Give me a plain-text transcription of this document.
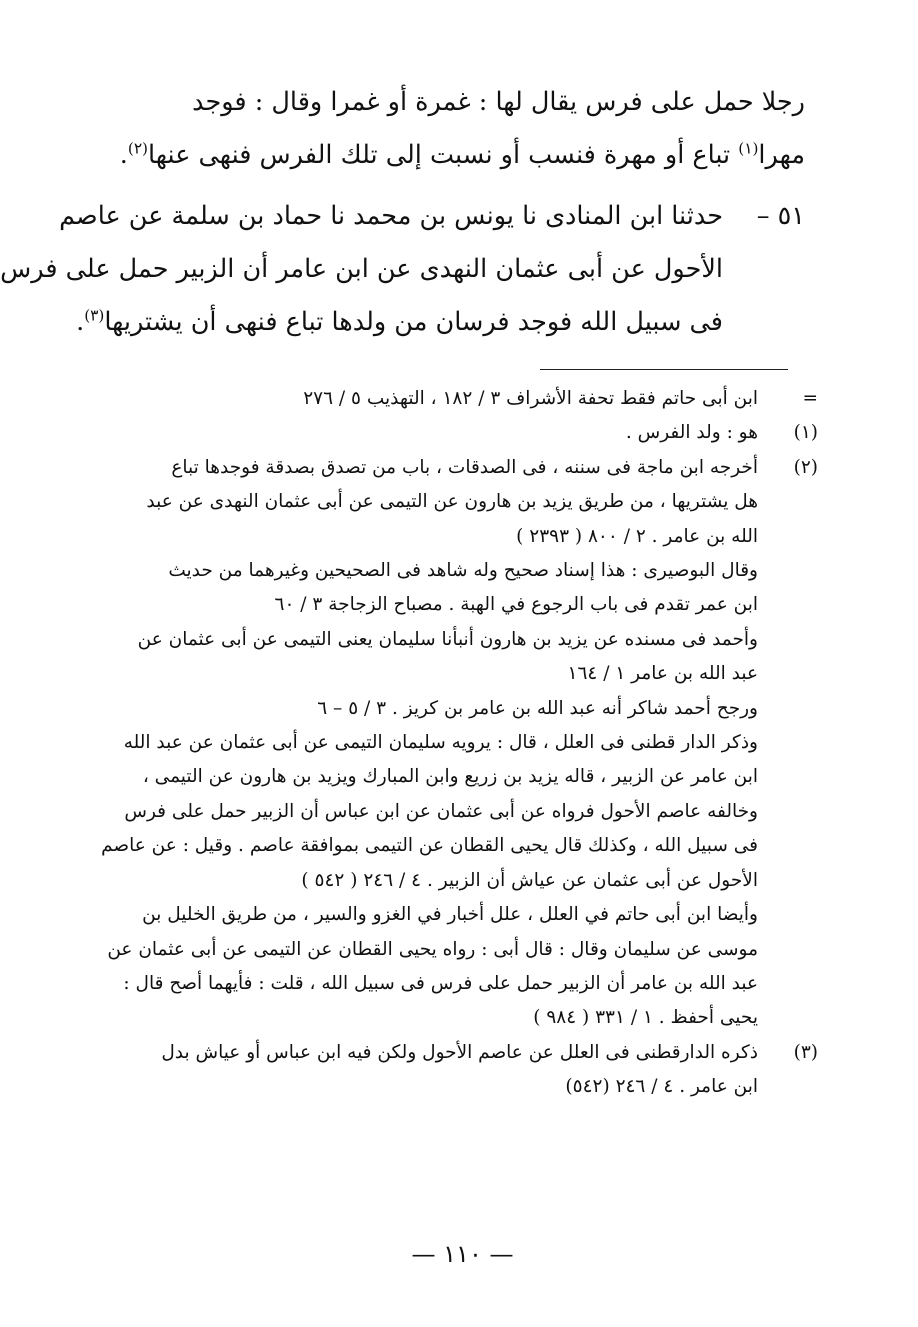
رجلا حمل على فرس يقال لها : غمرة أو غمرا وقال : فوجد
مهرا$^{(١)}$ تباع أو مهرة فنسب أو نسبت إلى تلك الفرس فنهى عنها$^{(٢)}$.
٥١ –
حدثنا ابن المنادى نا يونس بن محمد نا حماد بن سلمة عن عاصم
الأحول عن أبى عثمان النهدى عن ابن عامر أن الزبير حمل على فرس
فى سبيل الله فوجد فرسان من ولدها تباع فنهى أن يشتريها$^{(٣)}$.
=
ابن أبى حاتم فقط تحفة الأشراف ٣ / ١٨٢ ، التهذيب ٥ / ٢٧٦
(١)
هو : ولد الفرس .
(٢)
أخرجه ابن ماجة فى سننه ، فى الصدقات ، باب من تصدق بصدقة فوجدها تباع
هل يشتريها ، من طريق يزيد بن هارون عن التيمى عن أبى عثمان النهدى عن عبد
الله بن عامر . ٢ / ٨٠٠ ( ٢٣٩٣ )
وقال البوصيرى : هذا إسناد صحيح وله شاهد فى الصحيحين وغيرهما من حديث
ابن عمر تقدم فى باب الرجوع في الهبة . مصباح الزجاجة ٣ / ٦٠
وأحمد فى مسنده عن يزيد بن هارون أنبأنا سليمان يعنى التيمى عن أبى عثمان عن
عبد الله بن عامر ١ / ١٦٤
ورجح أحمد شاكر أنه عبد الله بن عامر بن كريز . ٣ / ٥ – ٦
وذكر الدار قطنى فى العلل ، قال : يرويه سليمان التيمى عن أبى عثمان عن عبد الله
ابن عامر عن الزبير ، قاله يزيد بن زريع وابن المبارك ويزيد بن هارون عن التيمى ،
وخالفه عاصم الأحول فرواه عن أبى عثمان عن ابن عباس أن الزبير حمل على فرس
فى سبيل الله ، وكذلك قال يحيى القطان عن التيمى بموافقة عاصم . وقيل : عن عاصم
الأحول عن أبى عثمان عن عياش أن الزبير . ٤ / ٢٤٦ ( ٥٤٢ )
وأيضا ابن أبى حاتم في العلل ، علل أخبار في الغزو والسير ، من طريق الخليل بن
موسى عن سليمان وقال : قال أبى : رواه يحيى القطان عن التيمى عن أبى عثمان عن
عبد الله بن عامر أن الزبير حمل على فرس فى سبيل الله ، قلت : فأيهما أصح قال :
يحيى أحفظ . ١ / ٣٣١ ( ٩٨٤ )
(٣)
ذكره الدارقطنى فى العلل عن عاصم الأحول ولكن فيه ابن عباس أو عياش بدل
ابن عامر . ٤ / ٢٤٦ (٥٤٢)
— ١١٠ —
